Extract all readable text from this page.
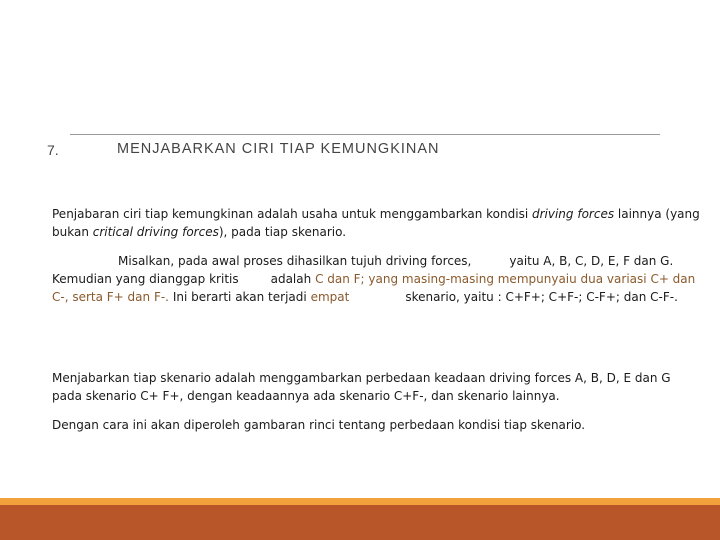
7.	MENJABARKAN CIRI TIAP KEMUNGKINAN

Penjabaran ciri tiap kemungkinan adalah usaha untuk menggambarkan kondisi driving forces lainnya (yang bukan critical driving forces), pada tiap skenario.

Misalkan, pada awal proses dihasilkan tujuh driving forces,	yaitu A, B, C, D, E, F dan G. Kemudian yang dianggap kritis	adalah C dan F; yang masing-masing mempunyaiu dua variasi C+ dan C-, serta F+ dan F-. Ini berarti akan terjadi empat	skenario, yaitu : C+F+; C+F-; C-F+; dan C-F-.

Menjabarkan tiap skenario adalah menggambarkan perbedaan keadaan driving forces A, B, D, E dan G pada skenario C+ F+, dengan keadaannya ada skenario C+F-, dan skenario lainnya.

Dengan cara ini akan diperoleh gambaran rinci tentang perbedaan kondisi tiap skenario.
